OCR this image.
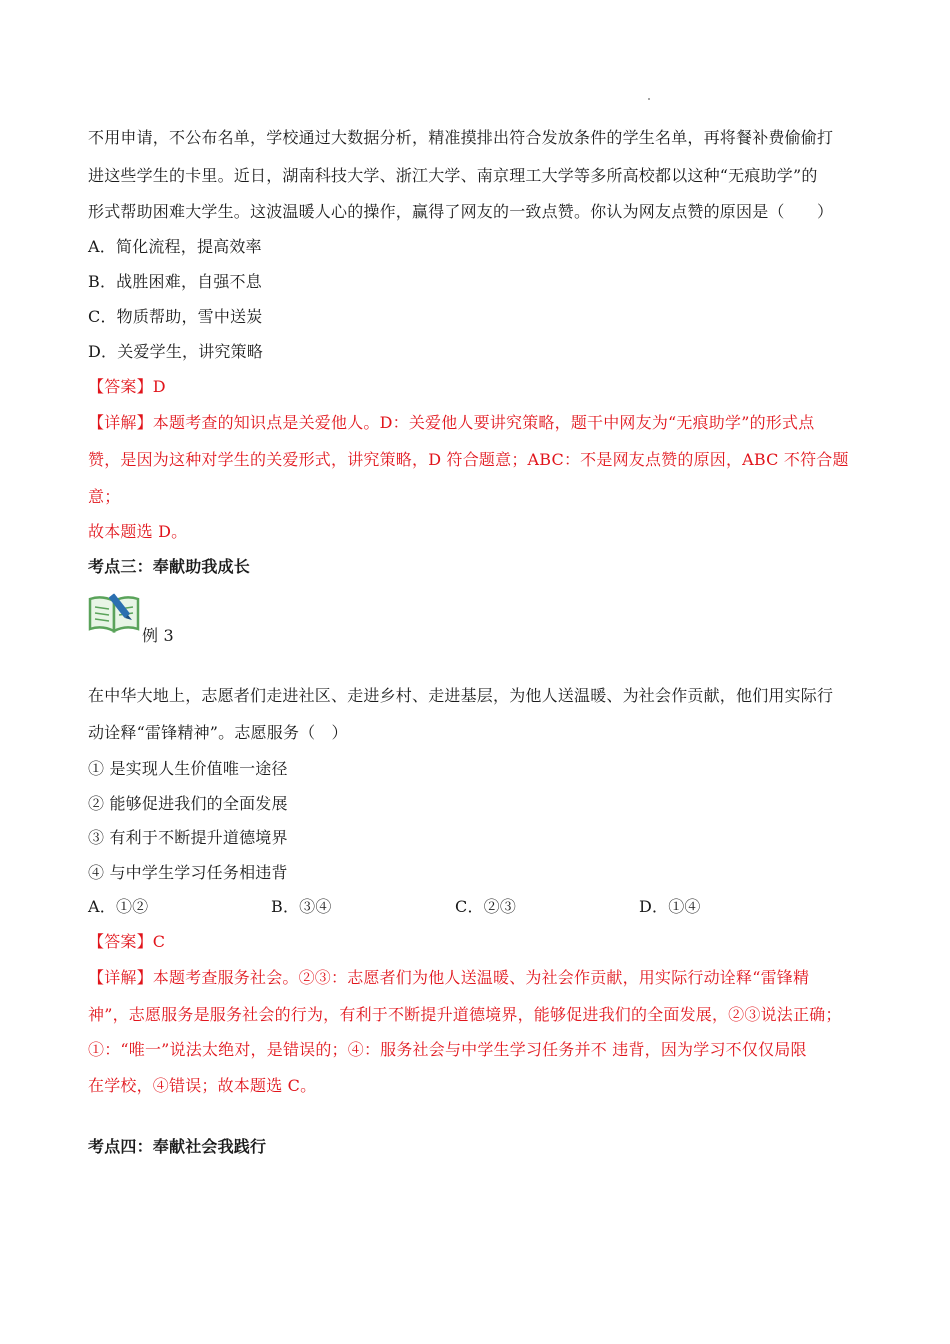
不用申请，不公布名单，学校通过大数据分析，精准摸排出符合发放条件的学生名单，再将餐补费偷偷打
进这些学生的卡里。近日，湖南科技大学、浙江大学、南京理工大学等多所高校都以这种“无痕助学”的
形式帮助困难大学生。这波温暖人心的操作，赢得了网友的一致点赞。你认为网友点赞的原因是（　　）
A．简化流程，提高效率
B．战胜困难，自强不息
C．物质帮助，雪中送炭
D．关爱学生，讲究策略
【答案】D
【详解】本题考查的知识点是关爱他人。D：关爱他人要讲究策略，题干中网友为“无痕助学”的形式点
赞，是因为这种对学生的关爱形式，讲究策略，D 符合题意；ABC：不是网友点赞的原因，ABC 不符合题
意；
故本题选 D。
考点三：奉献助我成长
例 3
在中华大地上，志愿者们走进社区、走进乡村、走进基层，为他人送温暖、为社会作贡献，他们用实际行
动诠释“雷锋精神”。志愿服务（　）
① 是实现人生价值唯一途径
② 能够促进我们的全面发展
③ 有利于不断提升道德境界
④ 与中学生学习任务相违背
A．①②	B．③④	C．②③	D．①④
【答案】C
【详解】本题考查服务社会。②③：志愿者们为他人送温暖、为社会作贡献，用实际行动诠释“雷锋精
神”，志愿服务是服务社会的行为，有利于不断提升道德境界，能够促进我们的全面发展，②③说法正确；
①：“唯一”说法太绝对，是错误的；④：服务社会与中学生学习任务并不 违背，因为学习不仅仅局限
在学校，④错误；故本题选 C。
考点四：奉献社会我践行
